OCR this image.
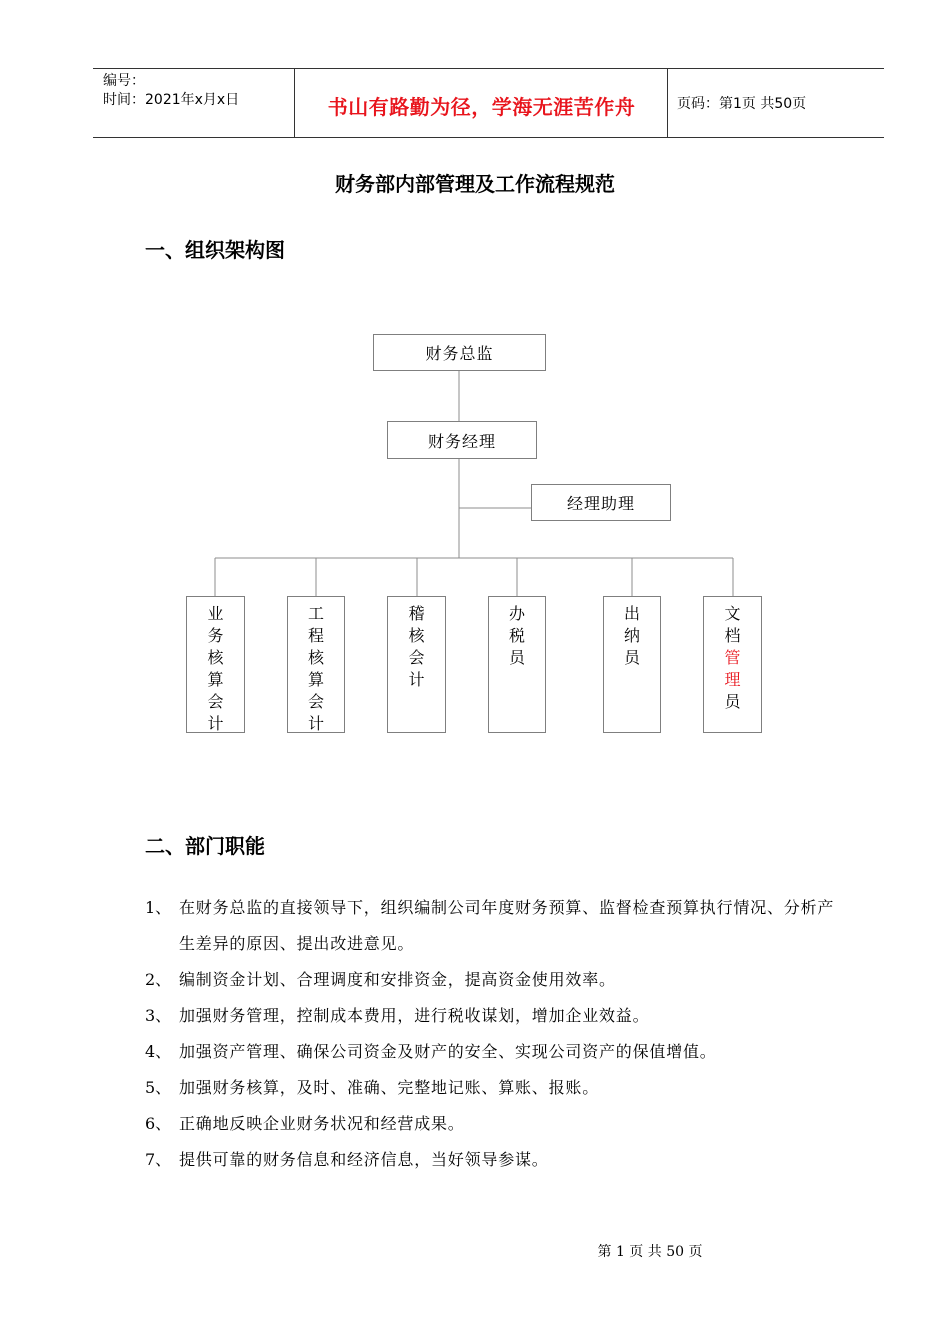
编号：
时间：2021年x月x日	书山有路勤为径，学海无涯苦作舟	页码：第1页 共50页
财务部内部管理及工作流程规范
一、组织架构图
财务总监
财务经理
经理助理
业
务
核
算
会
计
工
程
核
算
会
计
稽
核
会
计
办
税
员
出
纳
员
文
档
管
理
员
二、部门职能
1、 在财务总监的直接领导下，组织编制公司年度财务预算、监督检查预算执行情况、分析产生差异的原因、提出改进意见。
2、 编制资金计划、合理调度和安排资金，提高资金使用效率。
3、 加强财务管理，控制成本费用，进行税收谋划，增加企业效益。
4、 加强资产管理、确保公司资金及财产的安全、实现公司资产的保值增值。
5、 加强财务核算，及时、准确、完整地记账、算账、报账。
6、 正确地反映企业财务状况和经营成果。
7、 提供可靠的财务信息和经济信息，当好领导参谋。
第 1 页 共 50 页
